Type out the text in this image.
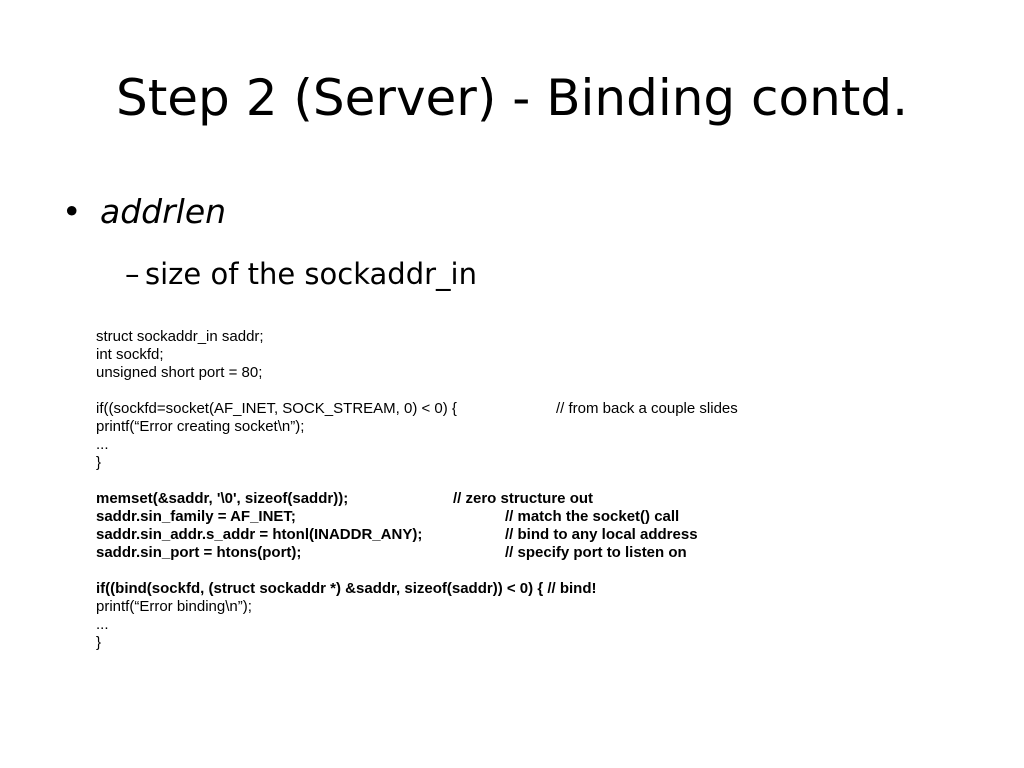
Step 2 (Server) - Binding contd.
• addrlen
– size of the sockaddr_in
struct sockaddr_in saddr;
int sockfd;
unsigned short port = 80;
if((sockfd=socket(AF_INET, SOCK_STREAM, 0) < 0) {	// from back a couple slides
printf(“Error creating socket\n”);
...
}
memset(&saddr, '\0', sizeof(saddr));	// zero structure out
saddr.sin_family = AF_INET;	// match the socket() call
saddr.sin_addr.s_addr = htonl(INADDR_ANY);	// bind to any local address
saddr.sin_port = htons(port);	// specify port to listen on
if((bind(sockfd, (struct sockaddr *) &saddr, sizeof(saddr)) < 0) { // bind!
printf(“Error binding\n”);
...
}
